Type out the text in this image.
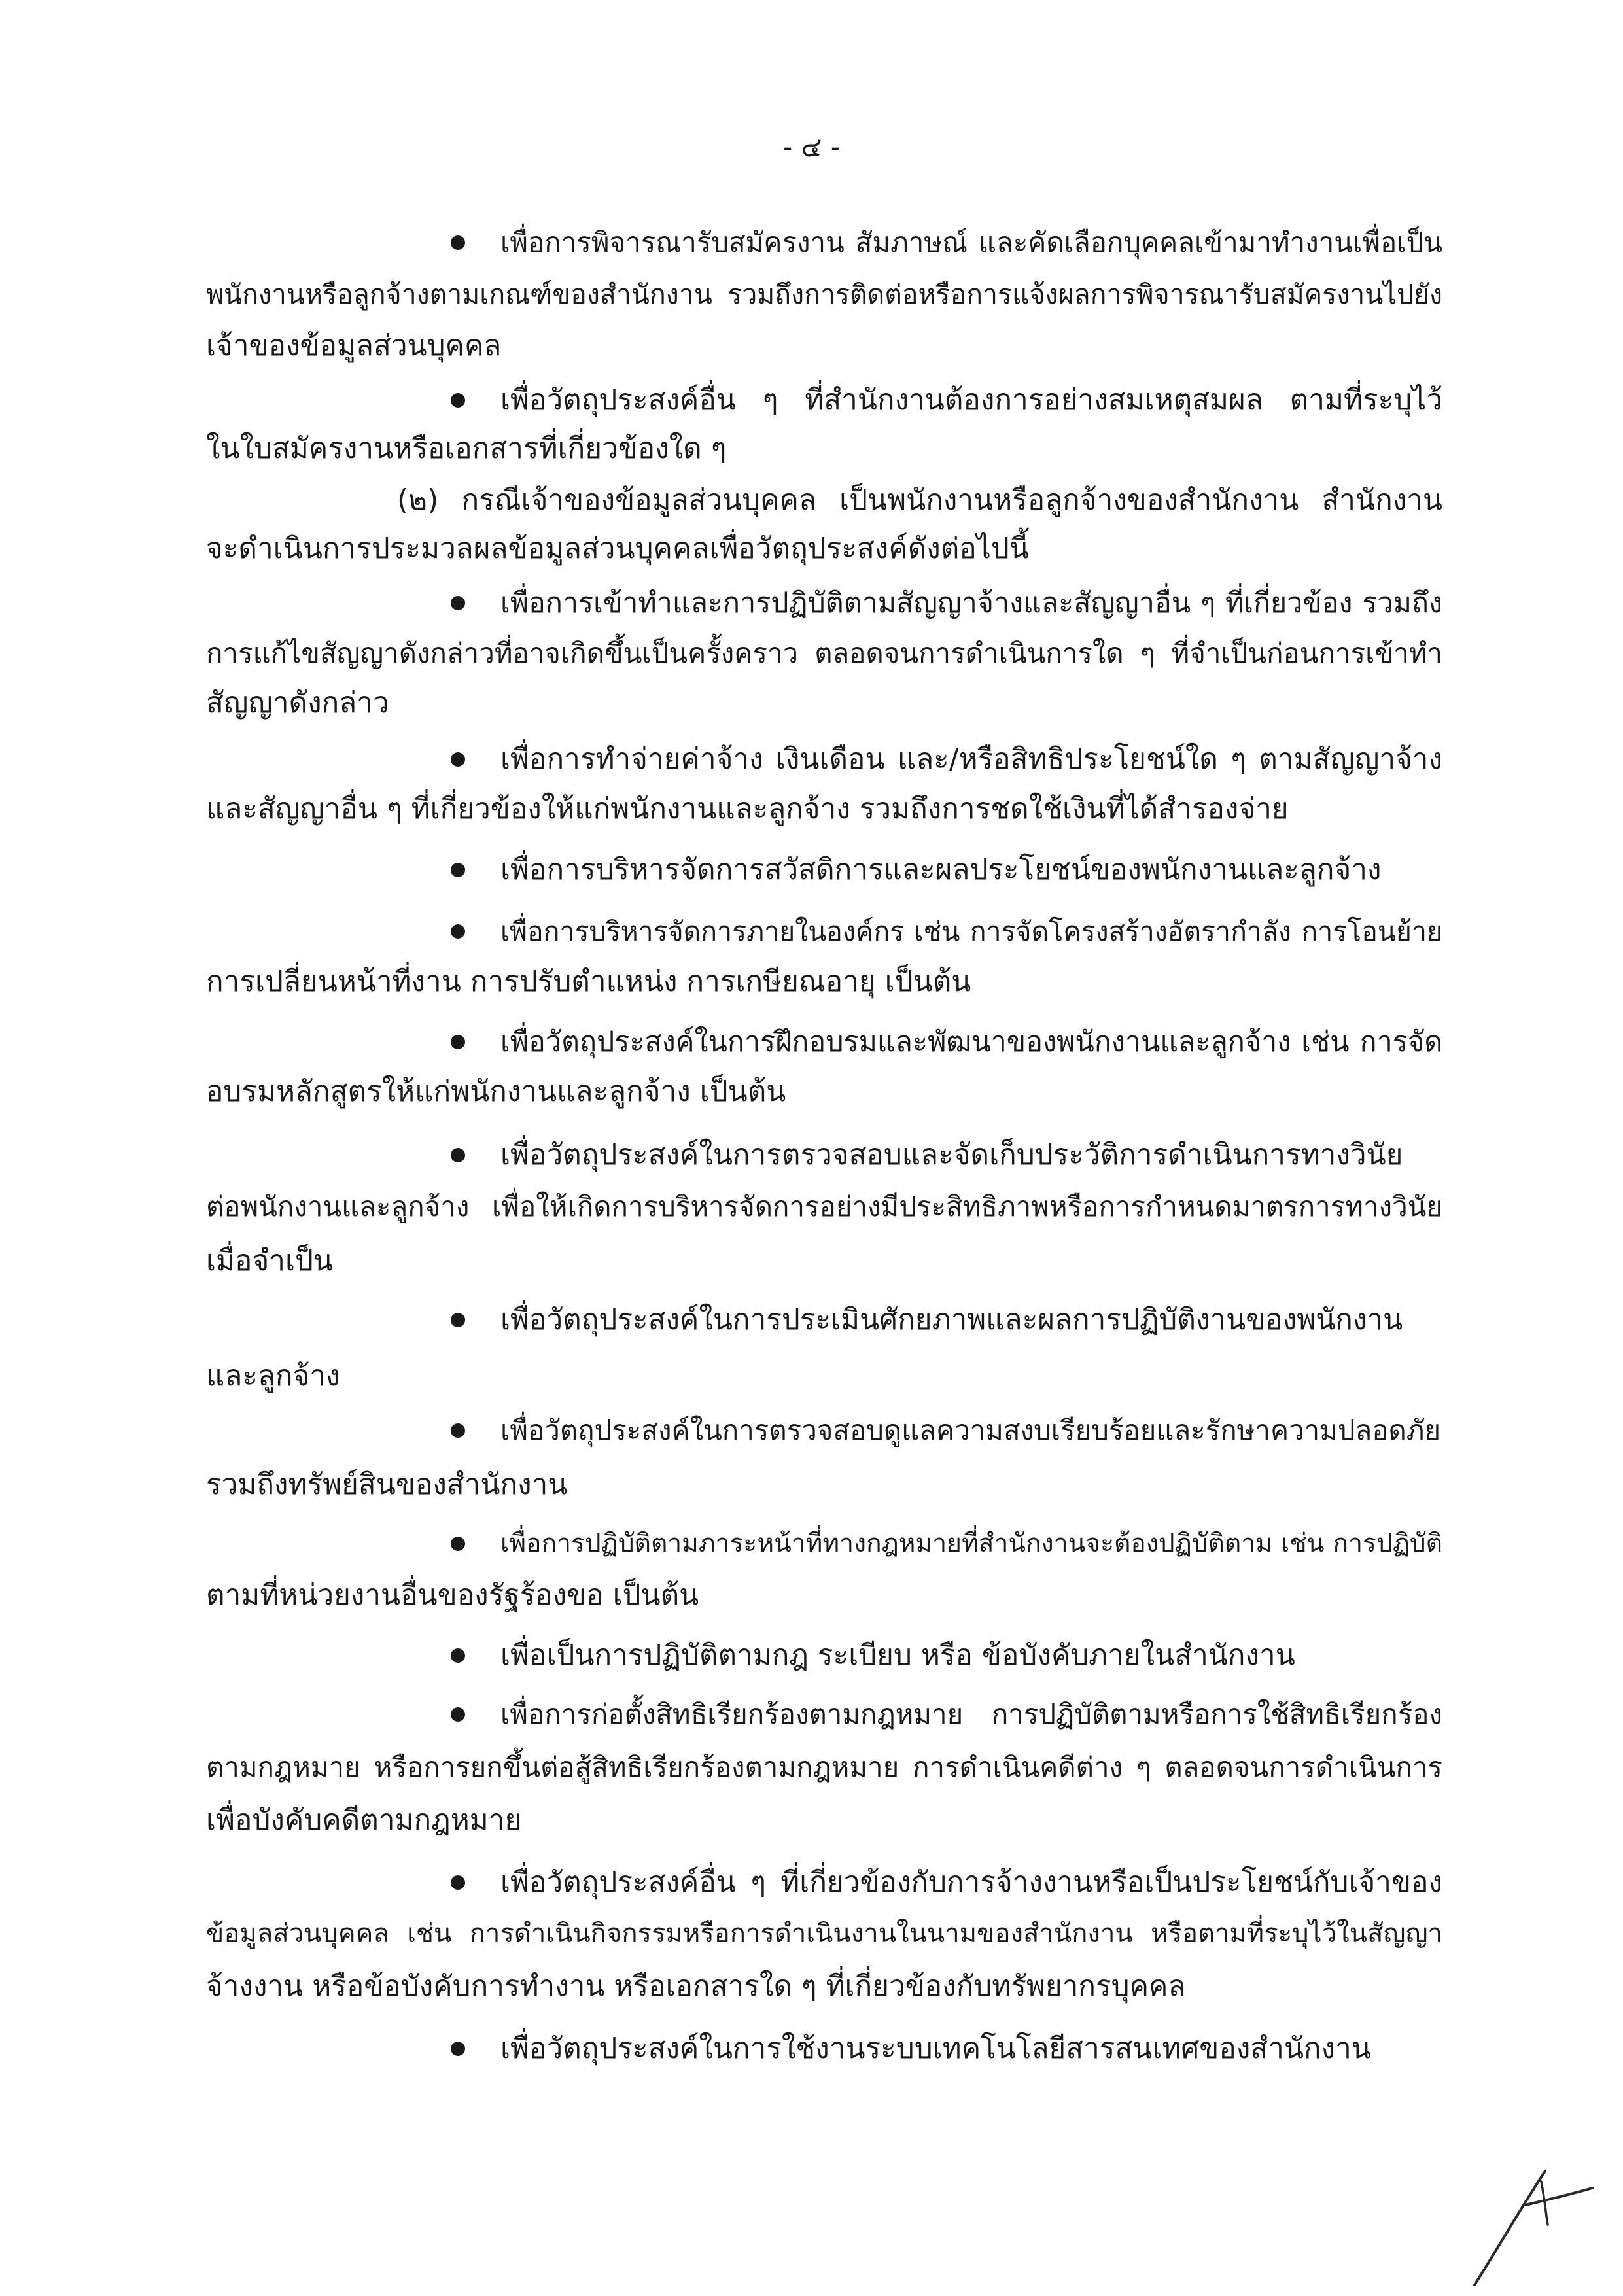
- ๔ -
เพื่อการพิจารณารับสมัครงาน สัมภาษณ์ และคัดเลือกบุคคลเข้ามาทำงานเพื่อเป็น
พนักงานหรือลูกจ้างตามเกณฑ์ของสำนักงาน รวมถึงการติดต่อหรือการแจ้งผลการพิจารณารับสมัครงานไปยัง
เจ้าของข้อมูลส่วนบุคคล
เพื่อวัตถุประสงค์อื่น ๆ ที่สำนักงานต้องการอย่างสมเหตุสมผล ตามที่ระบุไว้
ในใบสมัครงานหรือเอกสารที่เกี่ยวข้องใด ๆ
(๒) กรณีเจ้าของข้อมูลส่วนบุคคล เป็นพนักงานหรือลูกจ้างของสำนักงาน สำนักงาน
จะดำเนินการประมวลผลข้อมูลส่วนบุคคลเพื่อวัตถุประสงค์ดังต่อไปนี้
เพื่อการเข้าทำและการปฏิบัติตามสัญญาจ้างและสัญญาอื่น ๆ ที่เกี่ยวข้อง รวมถึง
การแก้ไขสัญญาดังกล่าวที่อาจเกิดขึ้นเป็นครั้งคราว ตลอดจนการดำเนินการใด ๆ ที่จำเป็นก่อนการเข้าทำ
สัญญาดังกล่าว
เพื่อการทำจ่ายค่าจ้าง เงินเดือน และ/หรือสิทธิประโยชน์ใด ๆ ตามสัญญาจ้าง
และสัญญาอื่น ๆ ที่เกี่ยวข้องให้แก่พนักงานและลูกจ้าง รวมถึงการชดใช้เงินที่ได้สำรองจ่าย
เพื่อการบริหารจัดการสวัสดิการและผลประโยชน์ของพนักงานและลูกจ้าง
เพื่อการบริหารจัดการภายในองค์กร เช่น การจัดโครงสร้างอัตรากำลัง การโอนย้าย
การเปลี่ยนหน้าที่งาน การปรับตำแหน่ง การเกษียณอายุ เป็นต้น
เพื่อวัตถุประสงค์ในการฝึกอบรมและพัฒนาของพนักงานและลูกจ้าง เช่น การจัด
อบรมหลักสูตรให้แก่พนักงานและลูกจ้าง เป็นต้น
เพื่อวัตถุประสงค์ในการตรวจสอบและจัดเก็บประวัติการดำเนินการทางวินัย
ต่อพนักงานและลูกจ้าง เพื่อให้เกิดการบริหารจัดการอย่างมีประสิทธิภาพหรือการกำหนดมาตรการทางวินัย
เมื่อจำเป็น
เพื่อวัตถุประสงค์ในการประเมินศักยภาพและผลการปฏิบัติงานของพนักงาน
และลูกจ้าง
เพื่อวัตถุประสงค์ในการตรวจสอบดูแลความสงบเรียบร้อยและรักษาความปลอดภัย
รวมถึงทรัพย์สินของสำนักงาน
เพื่อการปฏิบัติตามภาระหน้าที่ทางกฎหมายที่สำนักงานจะต้องปฏิบัติตาม เช่น การปฏิบัติ
ตามที่หน่วยงานอื่นของรัฐร้องขอ เป็นต้น
เพื่อเป็นการปฏิบัติตามกฎ ระเบียบ หรือ ข้อบังคับภายในสำนักงาน
เพื่อการก่อตั้งสิทธิเรียกร้องตามกฎหมาย การปฏิบัติตามหรือการใช้สิทธิเรียกร้อง
ตามกฎหมาย หรือการยกขึ้นต่อสู้สิทธิเรียกร้องตามกฎหมาย การดำเนินคดีต่าง ๆ ตลอดจนการดำเนินการ
เพื่อบังคับคดีตามกฎหมาย
เพื่อวัตถุประสงค์อื่น ๆ ที่เกี่ยวข้องกับการจ้างงานหรือเป็นประโยชน์กับเจ้าของ
ข้อมูลส่วนบุคคล เช่น การดำเนินกิจกรรมหรือการดำเนินงานในนามของสำนักงาน หรือตามที่ระบุไว้ในสัญญา
จ้างงาน หรือข้อบังคับการทำงาน หรือเอกสารใด ๆ ที่เกี่ยวข้องกับทรัพยากรบุคคล
เพื่อวัตถุประสงค์ในการใช้งานระบบเทคโนโลยีสารสนเทศของสำนักงาน
